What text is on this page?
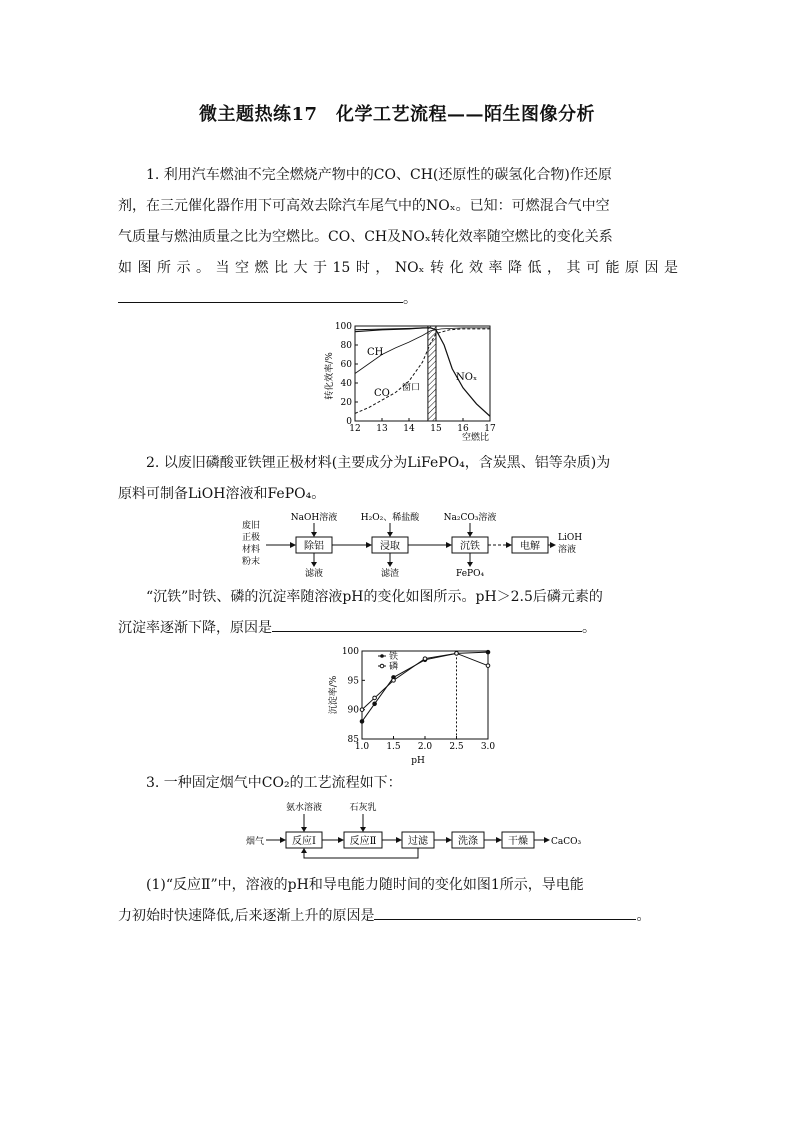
微主题热练17　化学工艺流程——陌生图像分析
1. 利用汽车燃油不完全燃烧产物中的CO、CH(还原性的碳氢化合物)作还原
剂，在三元催化器作用下可高效去除汽车尾气中的NOₓ。已知：可燃混合气中空
气质量与燃油质量之比为空燃比。CO、CH及NOₓ转化效率随空燃比的变化关系
如图所示。当空燃比大于15时，NOₓ转化效率降低，其可能原因是
。
12 13 14 15 16 17
0
20
40
60
80
100
CH
CO 窗口
NOₓ
空燃比
转化效率/%
2. 以废旧磷酸亚铁锂正极材料(主要成分为LiFePO₄，含炭黑、铝等杂质)为
原料可制备LiOH溶液和FePO₄。
废旧
正极
材料
粉末
除铝	浸取	沉铁	电解
LiOH
溶液
NaOH溶液	H₂O₂、稀盐酸	Na₂CO₃溶液
滤液	滤渣	FePO₄
“沉铁”时铁、磷的沉淀率随溶液pH的变化如图所示。pH＞2.5后磷元素的
沉淀率逐渐下降，原因是	。
1.0 1.5 2.0 2.5 3.0
85
90
95
100	铁
磷
pH
沉淀率/%
3. 一种固定烟气中CO₂的工艺流程如下：
烟气	反应Ⅰ	反应Ⅱ	过滤	洗涤	干燥	CaCO₃
氨水溶液	石灰乳
(1)“反应Ⅱ”中，溶液的pH和导电能力随时间的变化如图1所示，导电能
力初始时快速降低,后来逐渐上升的原因是	。
